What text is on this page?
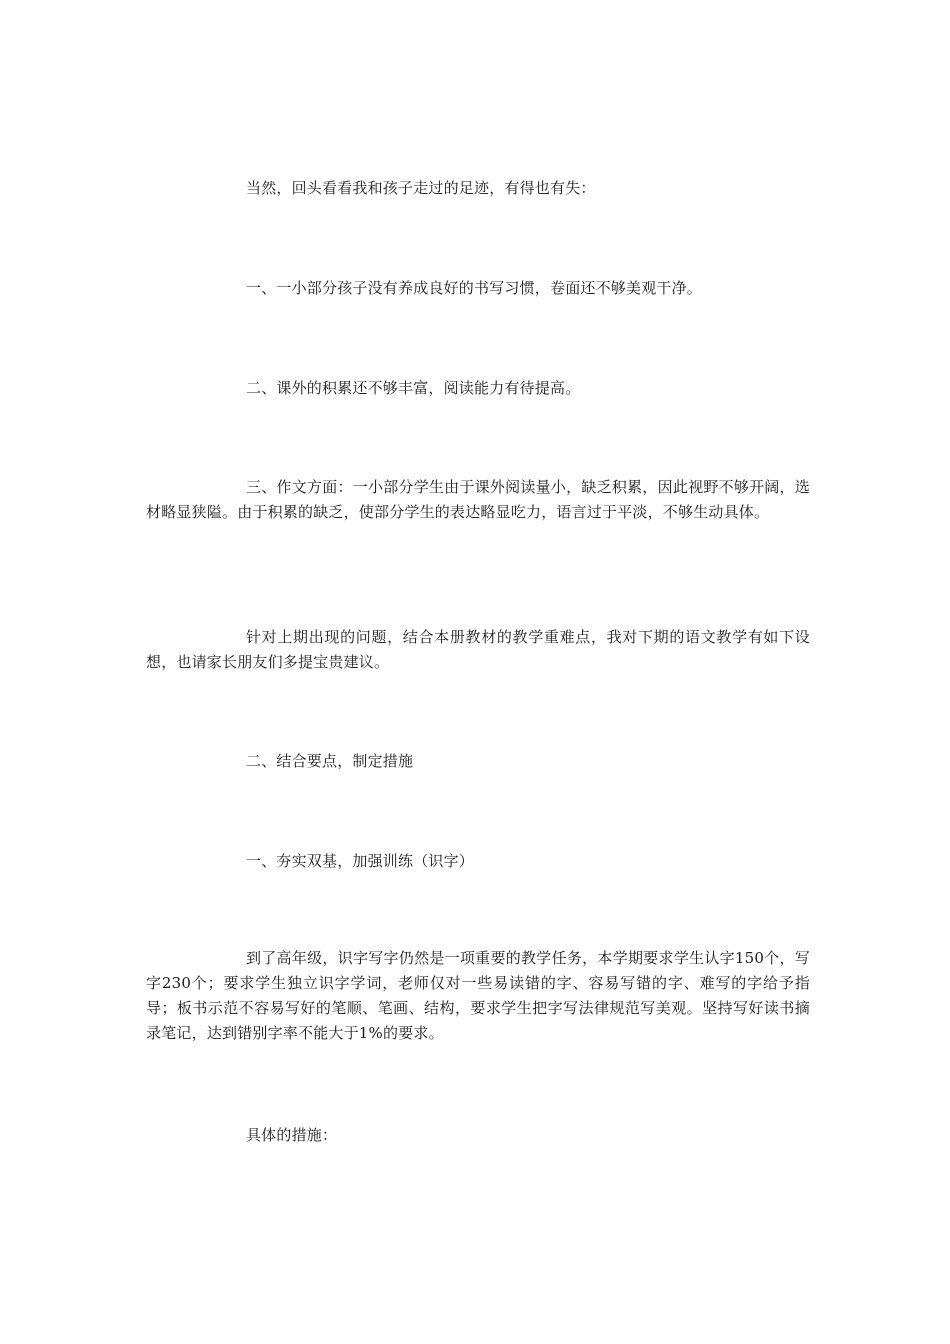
当然，回头看看我和孩子走过的足迹，有得也有失：

一、一小部分孩子没有养成良好的书写习惯，卷面还不够美观干净。

二、课外的积累还不够丰富，阅读能力有待提高。

三、作文方面：一小部分学生由于课外阅读量小，缺乏积累，因此视野不够开阔，选材略显狭隘。由于积累的缺乏，使部分学生的表达略显吃力，语言过于平淡，不够生动具体。

针对上期出现的问题，结合本册教材的教学重难点，我对下期的语文教学有如下设想，也请家长朋友们多提宝贵建议。

二、结合要点，制定措施

一、夯实双基，加强训练（识字）

到了高年级，识字写字仍然是一项重要的教学任务，本学期要求学生认字150个，写字230个；要求学生独立识字学词，老师仅对一些易读错的字、容易写错的字、难写的字给予指导；板书示范不容易写好的笔顺、笔画、结构，要求学生把字写法律规范写美观。坚持写好读书摘录笔记，达到错别字率不能大于1%的要求。

具体的措施：
